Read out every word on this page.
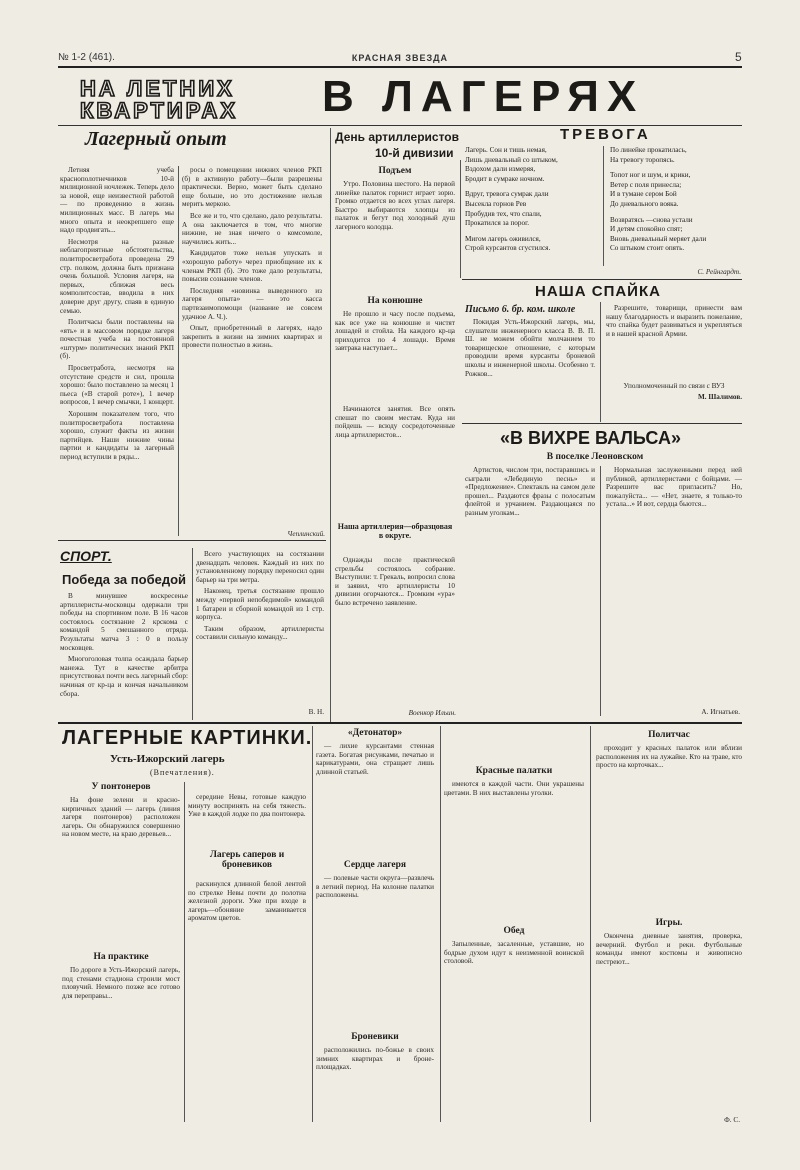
№ 1-2 (461).	КРАСНАЯ ЗВЕЗДА	5
НА ЛЕТНИХ
КВАРТИРАХ В ЛАГЕРЯХ
Лагерный опыт

Летняя учеба краснополотнечников 10-й милиционной ночлежек. Теперь дело за новой, еще неизвестной работой — по проведению в жизнь милиционных масс. В лагерь мы много опыта и неокрепшего еще надо продвигать...

Несмотря на разные неблагоприятные обстоятельства, политпросветработа проведена 29 стр. полком, должна быть признана очень большой. Условия лагеря, на первых, сближая весь комполитсостав, вводила в них доверие друг другу, спаяв в единую семью.

Политчасы были поставлены на «ять» и в массовом порядке лагеря почестная учеба на постоянной «штурм» политических знаний РКП (б).

Просветработа, несмотря на отсутствие средств и сил, прошла хорошо: было поставлено за месяц 1 пьеса («В старой роте»), 1 вечер вопросов, 1 вечер смычки, 1 концерт.

Хорошим показателем того, что политпросветработа поставлена хорошо, служит факты из жизни партийцев. Наши нижние чины партии и кандидаты за лагерный период вступили в ряды...

росы о помещении нижних членов РКП (б) в активную работу—были разрешены практически. Верно, может быть сделано еще больше, но это достижение нельзя мерить меркою.

Все же и то, что сделано, дало результаты. А она заключается в том, что многие нижние, не зная ничего о комсомоле, научились жить...

Кандидатов тоже нельзя упускать и «хорошую работу» через приобщение их к членам РКП (б). Это тоже дало результаты, повысив сознание членов.

Последняя «новинка выведенного из лагеря опыта» — это касса партвзаимопомощи (название не совсем удачное А. Ч.).

Опыт, приобретенный в лагерях, надо закрепить в жизни на зимних квартирах и провести полностью в жизнь.

Чеплинский.
СПОРТ.
Победа за победой

В минувшее воскресенье артиллеристы-московцы одержали три победы на спортивном поле. В 16 часов состоялось состязание 2 крскома с командой 5 смешанного отряда. Результаты матча 3 : 0 в пользу московцев.

Многоголовая толпа осаждала барьер манежа. Тут в качестве арбитра присутствовал почти весь лагерный сбор: начиная от кр-ца и кончая начальником сбора.

Всего участвующих на состязании двенадцать человек. Каждый из них по установленному порядку переносил один барьер на три метра.

Наконец, третья состязание прошло между «первой непобедимой» командой 1 батареи и сборной командой из 1 стр. корпуса.

Таким образом, артиллеристы составили сильную команду...

В. Н.
День артиллеристов
10-й дивизии
Подъем

Утро. Половина шестого. На первой линейке палаток горнист играет зорю. Громко отдается во всех углах лагеря. Быстро выбираются хлопцы из палаток и бегут под холодный душ лагерного колодца.

На конюшне

Не прошло и часу после подъема, как все уже на конюшне и чистят лошадей и стойла. На каждого кр-ца приходится по 4 лошади. Время завтрака наступает...

Начинаются занятия. Все опять спешат по своим местам. Куда ни пойдешь — всюду сосредоточенные лица артиллеристов...

Наша артиллерия—образцовая в округе.

Однажды после практической стрельбы состоялось собрание. Выступили: т. Грекаль, вопросил слова и заявил, что артиллеристы 10 дивизии огорчаются... Громким «ура» было встречено заявление.

Военкор Ильин.
ТРЕВОГА
Лагерь. Сон и тишь немая,
Лишь дневальный со штыком,
Вздохом дали измеряя,
Бродит в сумраке ночном.
Вдруг, тревога сумрак дали
Высекла горнов Рев
Пробудив тех, что спали,
Прокатился за порог.
Мигом лагерь оживился,
Строй курсантов сгустился.
По линейке прокатилась,
На тревогу торопясь.
Топот ног и шум, и крики,
Ветер с поля принесла;
И в тумане сером Бой
До дневального вояка.
Возвратясь —снова устали
И детям спокойно спят;
Вновь дневальный меряет дали
Со штыком стоит опять.
С. Рейнгардт.
НАША СПАЙКА
Письмо 6. бр. ком. школе

Покидая Усть-Ижорский лагерь, мы, слушатели инженерного класса В. В. П. Ш. не можем обойти молчанием то товарищеское отношение, с которым проводили время курсанты броневой школы и инженерной школы. Особенно т. Рожков...

Разрешите, товарищи, принести вам нашу благодарность и выразить пожелание, что спайка будет развиваться и укрепляться и в нашей красной Армии.

Уполномоченный по связи с ВУЗ
М. Шалимов.
«В ВИХРЕ ВАЛЬСА»
В поселке Леоновском

Артистов, числом три, постаравшись и сыграли «Лебединую песнь» и «Предложение». Спектакль на самом деле прошел... Раздаются фразы с полосатым флейтой и урчанием. Раздающаяся по разным уголкам...

Нормальная заслуженными перед ней публикой, артиллеристами с бойцами. — Разрешите вас пригласить? Но, пожалуйста... — «Нет, знаете, я только-то устала...» И вот, сердца бьются...

А. Игнатьев.
ЛАГЕРНЫЕ КАРТИНКИ.
Усть-Ижорский лагерь
(Впечатления).
У понтонеров

На фоне зелени и красно-кирпичных зданий — лагерь (линия лагеря понтонеров) расположен лагерь. Он обнаружился совершенно на новом месте, на краю деревьев...

На практике

По дороге в Усть-Ижорский лагерь, под стенами стадиона строили мост пловучий. Немного позже все готово для переправы...

середине Невы, готовые каждую минуту воспринять на себя тяжесть. Уже в каждой лодке по два понтонера.

Лагерь саперов и броневиков

раскинулся длинной белой лентой по стрелке Невы почти до полотна железной дороги. Уже при входе в лагерь—обоняние заманивается ароматом цветов.

«Детонатор»

— лихие курсантами стенная газета. Богатая рисунками, печатью и карикатурами, она стращает лишь длинной статьей.

Сердце лагеря

— полевые части округа—развлечь в летний период. На колонне палатки расположены.

Броневики

расположились по-божье в своих зимних квартирах и броне-площадках.

Красные палатки

имеются в каждой части. Они украшены цветами. В них выставлены уголки.

Обед

Запыленные, засаленные, уставшие, но бодрые духом идут к неизменной воинской столовой.

Политчас

проходит у красных палаток или вблизи расположения их на лужайке. Кто на траве, кто просто на корточках...

Игры.

Окончена дневные занятия, проверка, вечерний. Футбол и реки. Футбольные команды имеют костюмы и живописно пестреют...

Ф. С.
